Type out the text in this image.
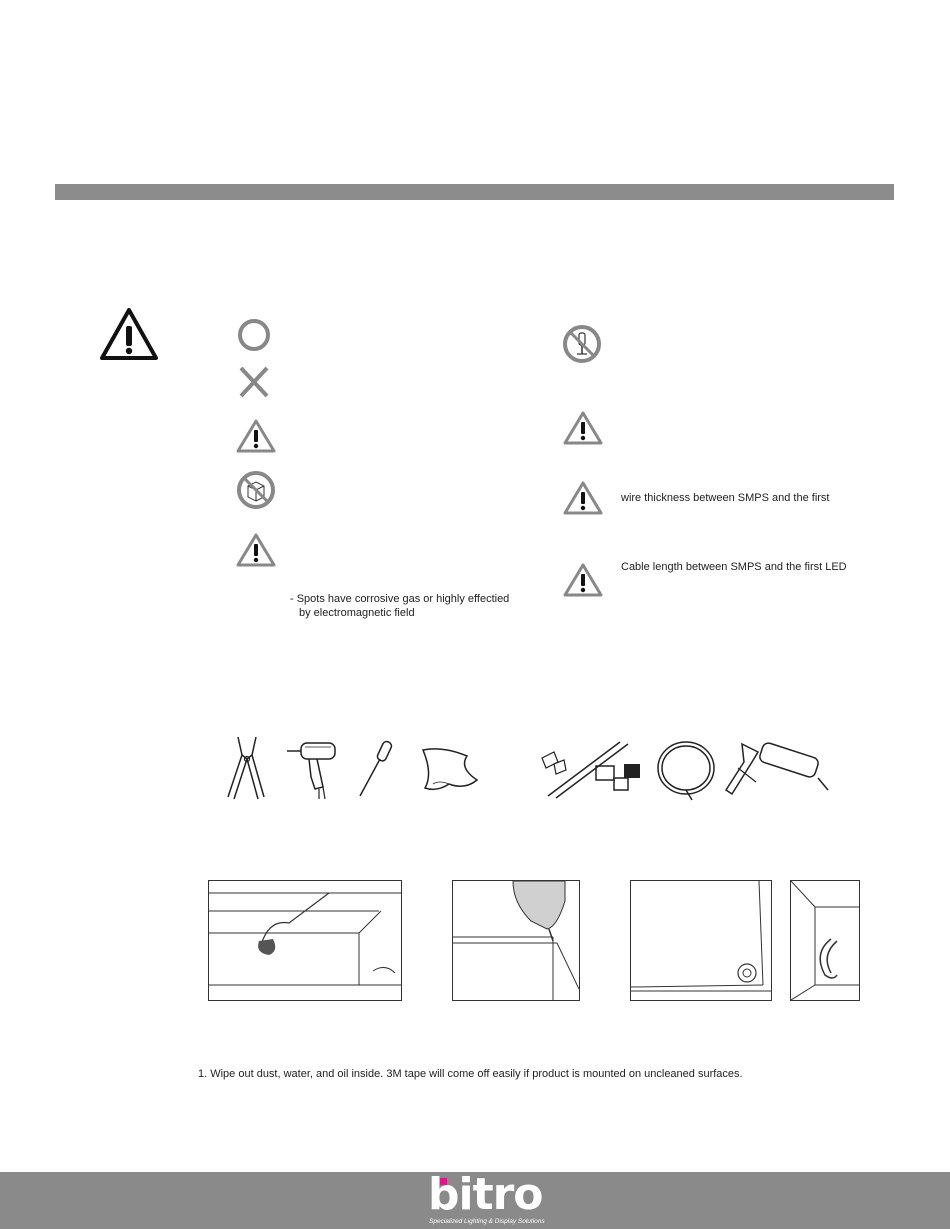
- Spots have corrosive gas or highly effectied
by electromagnetic field
wire thickness between SMPS and the first
Cable length between SMPS and the first LED
1. Wipe out dust, water, and oil inside. 3M tape will come off easily if product is mounted on uncleaned surfaces.
bitro
Specialized Lighting & Display Solutions
